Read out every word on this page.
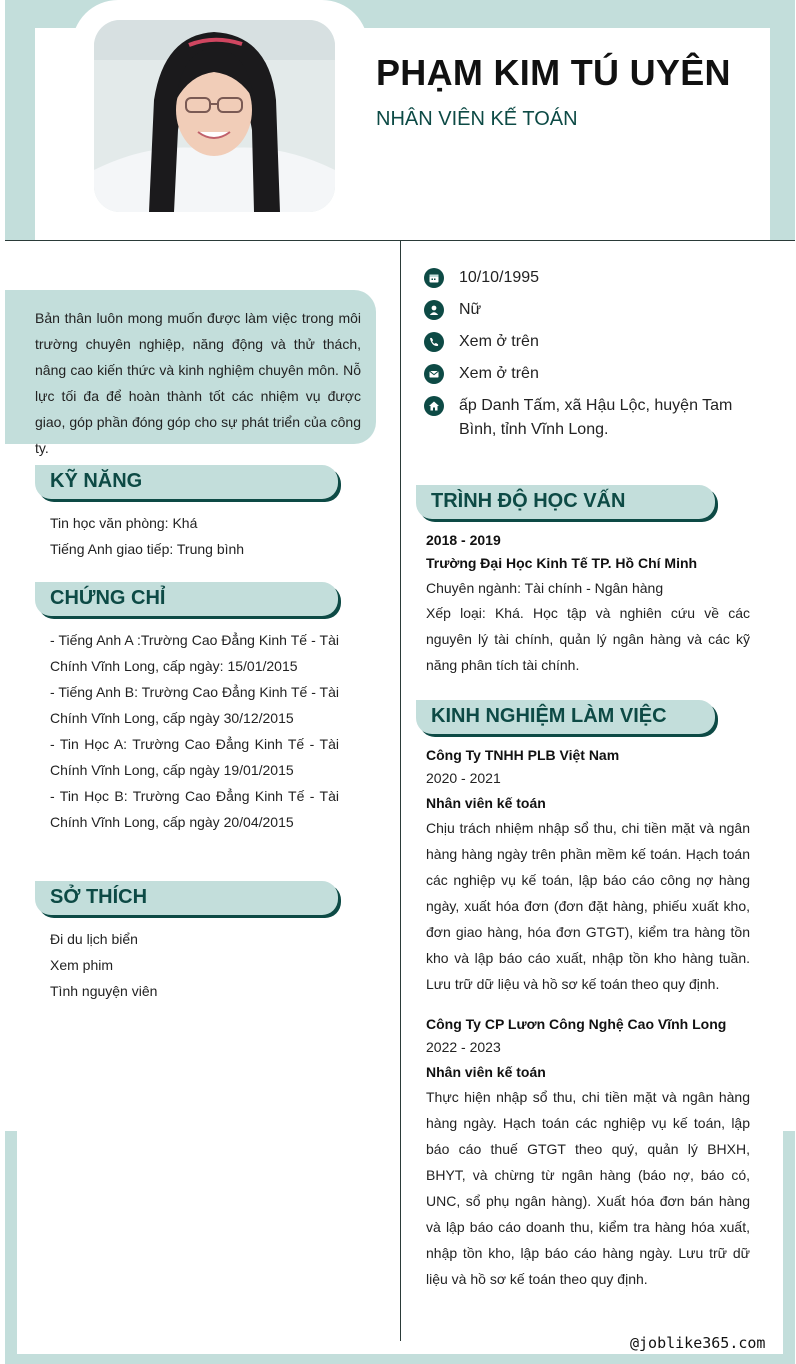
PHẠM KIM TÚ UYÊN
NHÂN VIÊN KẾ TOÁN
Bản thân luôn mong muốn được làm việc trong môi trường chuyên nghiệp, năng động và thử thách, nâng cao kiến thức và kinh nghiệm chuyên môn. Nỗ lực tối đa để hoàn thành tốt các nhiệm vụ được giao, góp phần đóng góp cho sự phát triển của công ty.
KỸ NĂNG
Tin học văn phòng: Khá
Tiếng Anh giao tiếp: Trung bình
CHỨNG CHỈ
- Tiếng Anh A :Trường Cao Đẳng Kinh Tế - Tài Chính Vĩnh Long, cấp ngày: 15/01/2015
- Tiếng Anh B: Trường Cao Đẳng Kinh Tế - Tài Chính Vĩnh Long, cấp ngày 30/12/2015
- Tin Học A: Trường Cao Đẳng Kinh Tế - Tài Chính Vĩnh Long, cấp ngày 19/01/2015
- Tin Học B: Trường Cao Đẳng Kinh Tế - Tài Chính Vĩnh Long, cấp ngày 20/04/2015
SỞ THÍCH
Đi du lịch biển
Xem phim
Tình nguyện viên
10/10/1995
Nữ
Xem ở trên
Xem ở trên
ấp Danh Tấm, xã Hậu Lộc, huyện Tam Bình, tỉnh Vĩnh Long.
TRÌNH ĐỘ HỌC VẤN
2018 - 2019
Trường Đại Học Kinh Tế TP. Hồ Chí Minh
Chuyên ngành: Tài chính - Ngân hàng
Xếp loại: Khá. Học tập và nghiên cứu về các nguyên lý tài chính, quản lý ngân hàng và các kỹ năng phân tích tài chính.
KINH NGHIỆM LÀM VIỆC
Công Ty TNHH PLB Việt Nam
2020 - 2021
Nhân viên kế toán
Chịu trách nhiệm nhập sổ thu, chi tiền mặt và ngân hàng hàng ngày trên phần mềm kế toán. Hạch toán các nghiệp vụ kế toán, lập báo cáo công nợ hàng ngày, xuất hóa đơn (đơn đặt hàng, phiếu xuất kho, đơn giao hàng, hóa đơn GTGT), kiểm tra hàng tồn kho và lập báo cáo xuất, nhập tồn kho hàng tuần. Lưu trữ dữ liệu và hồ sơ kế toán theo quy định.
Công Ty CP Lươn Công Nghệ Cao Vĩnh Long
2022 - 2023
Nhân viên kế toán
Thực hiện nhập sổ thu, chi tiền mặt và ngân hàng hàng ngày. Hạch toán các nghiệp vụ kế toán, lập báo cáo thuế GTGT theo quý, quản lý BHXH, BHYT, và chừng từ ngân hàng (báo nợ, báo có, UNC, sổ phụ ngân hàng). Xuất hóa đơn bán hàng và lập báo cáo doanh thu, kiểm tra hàng hóa xuất, nhập tồn kho, lập báo cáo hàng ngày. Lưu trữ dữ liệu và hồ sơ kế toán theo quy định.
@joblike365.com
